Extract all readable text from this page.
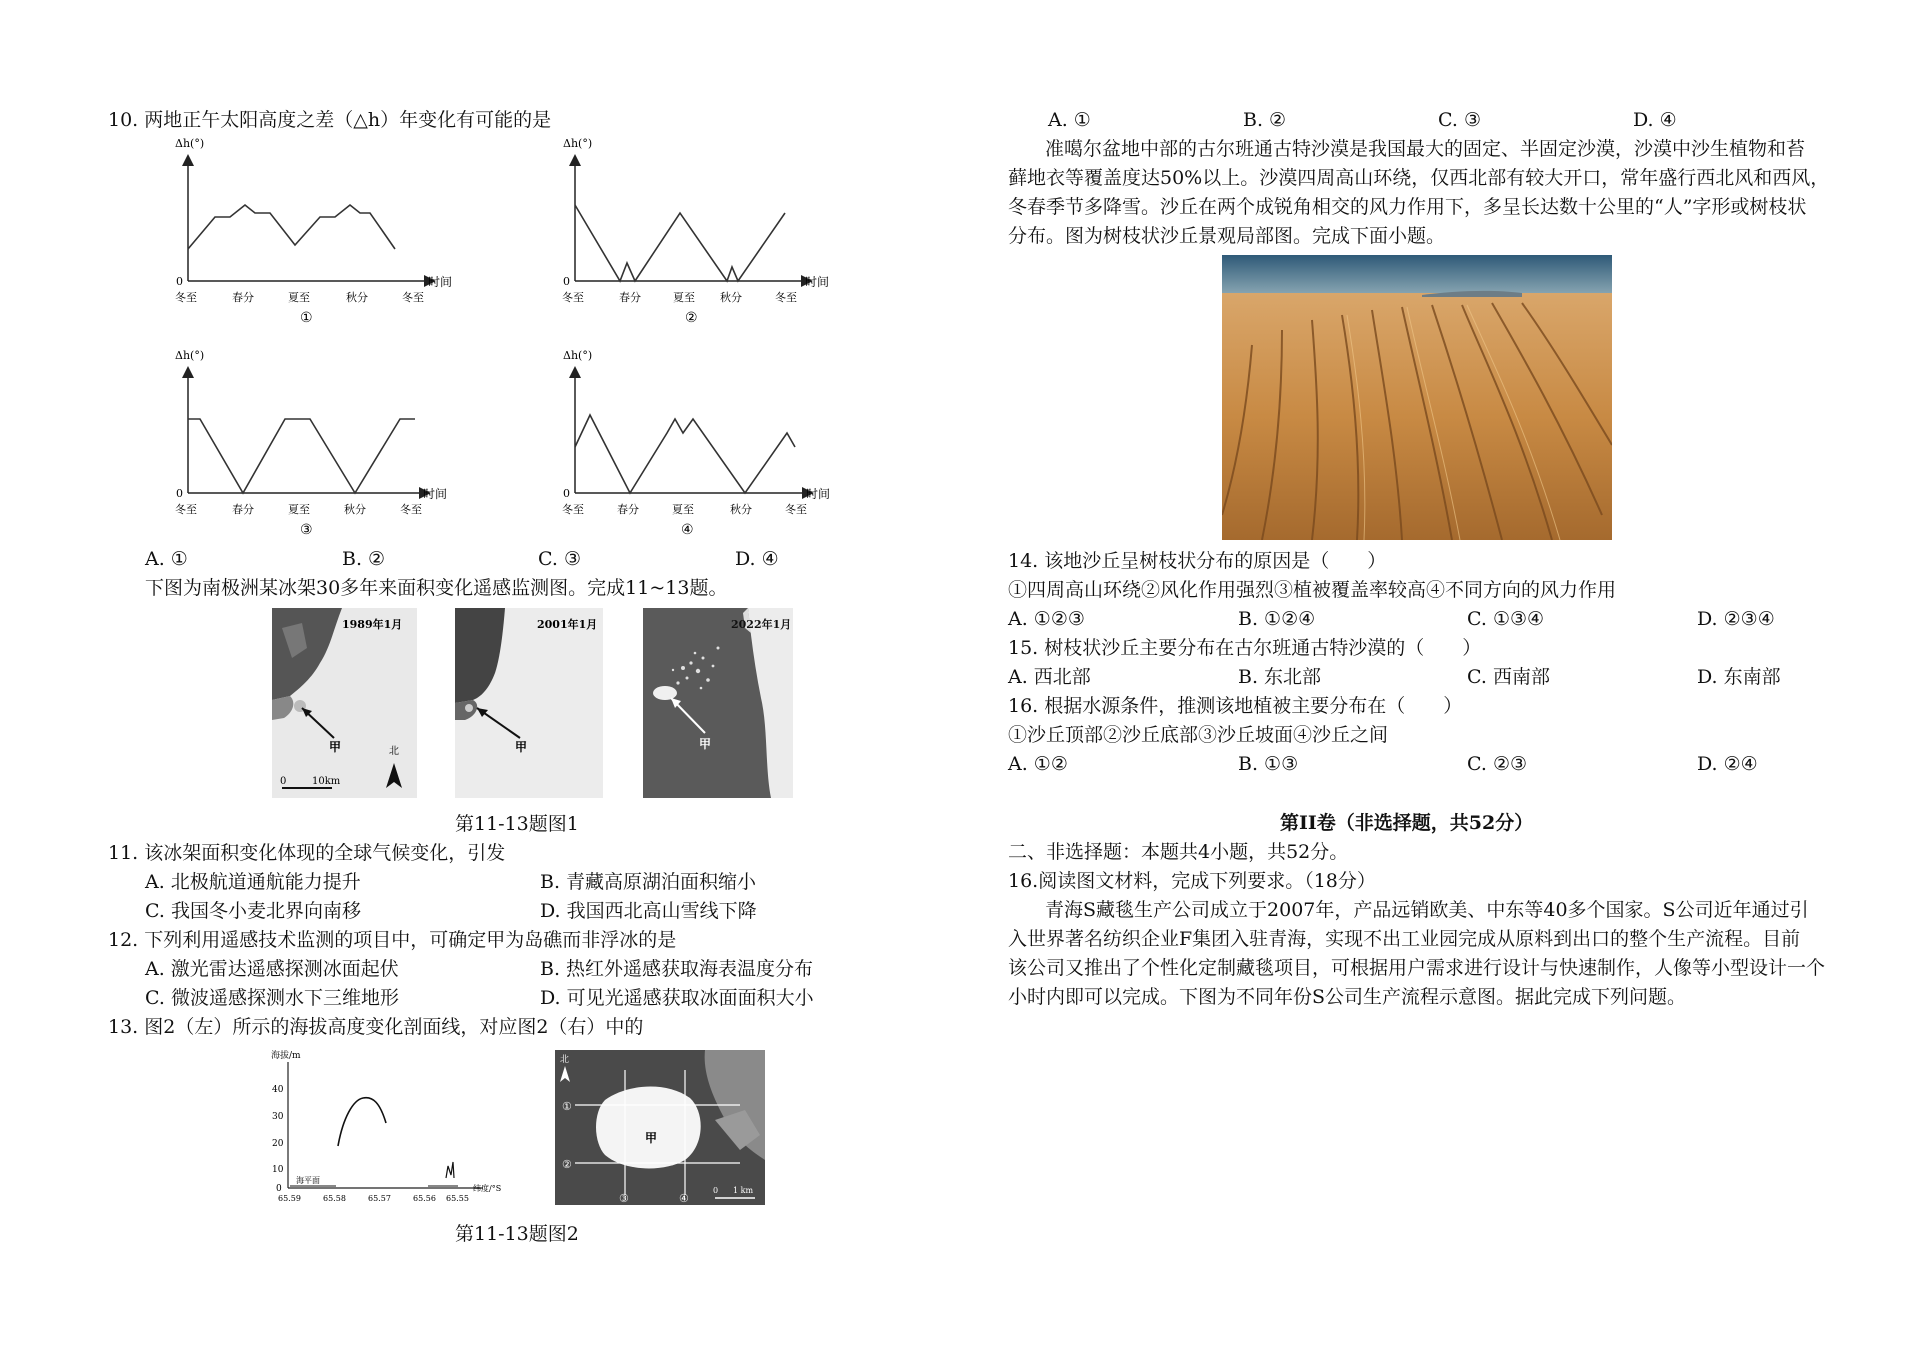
10. 两地正午太阳高度之差（△h）年变化有可能的是
Δh(°)
0	时间
冬至	春分	夏至	秋分	冬至
①
Δh(°)
0	时间
冬至	春分	夏至 秋分	冬至
②
Δh(°)
0	时间
冬至	春分	夏至	秋分	冬至
③
Δh(°)
0	时间
冬至	春分	夏至	秋分	冬至
④
A. ①	B. ②	C. ③	D. ④
下图为南极洲某冰架30多年来面积变化遥感监测图。完成11~13题。
1989年1月
甲
0	10km
北
2001年1月
甲
2022年1月
甲
第11-13题图1
11. 该冰架面积变化体现的全球气候变化，引发
A. 北极航道通航能力提升	B. 青藏高原湖泊面积缩小
C. 我国冬小麦北界向南移	D. 我国西北高山雪线下降
12. 下列利用遥感技术监测的项目中，可确定甲为岛礁而非浮冰的是
A. 激光雷达遥感探测冰面起伏	B. 热红外遥感获取海表温度分布
C. 微波遥感探测水下三维地形	D. 可见光遥感获取冰面面积大小
13. 图2（左）所示的海拔高度变化剖面线，对应图2（右）中的
海拔/m
40
30
20
10
0
海平面
65.59	65.58	65.57	65.56 65.55
纬度/°S
甲
①
②
③	④
北
0 1 km
第11-13题图2
A. ①	B. ②	C. ③	D. ④
准噶尔盆地中部的古尔班通古特沙漠是我国最大的固定、半固定沙漠，沙漠中沙生植物和苔
藓地衣等覆盖度达50%以上。沙漠四周高山环绕，仅西北部有较大开口，常年盛行西北风和西风，
冬春季节多降雪。沙丘在两个成锐角相交的风力作用下，多呈长达数十公里的“人”字形或树枝状
分布。图为树枝状沙丘景观局部图。完成下面小题。
14. 该地沙丘呈树枝状分布的原因是（　　）
①四周高山环绕②风化作用强烈③植被覆盖率较高④不同方向的风力作用
A. ①②③	B. ①②④	C. ①③④	D. ②③④
15. 树枝状沙丘主要分布在古尔班通古特沙漠的（　　）
A. 西北部	B. 东北部	C. 西南部	D. 东南部
16. 根据水源条件，推测该地植被主要分布在（　　）
①沙丘顶部②沙丘底部③沙丘坡面④沙丘之间
A. ①②	B. ①③	C. ②③	D. ②④
第II卷（非选择题，共52分）
二、非选择题：本题共4小题，共52分。
16.阅读图文材料，完成下列要求。（18分）
青海S藏毯生产公司成立于2007年，产品远销欧美、中东等40多个国家。S公司近年通过引
入世界著名纺织企业F集团入驻青海，实现不出工业园完成从原料到出口的整个生产流程。目前
该公司又推出了个性化定制藏毯项目，可根据用户需求进行设计与快速制作，人像等小型设计一个
小时内即可以完成。下图为不同年份S公司生产流程示意图。据此完成下列问题。
